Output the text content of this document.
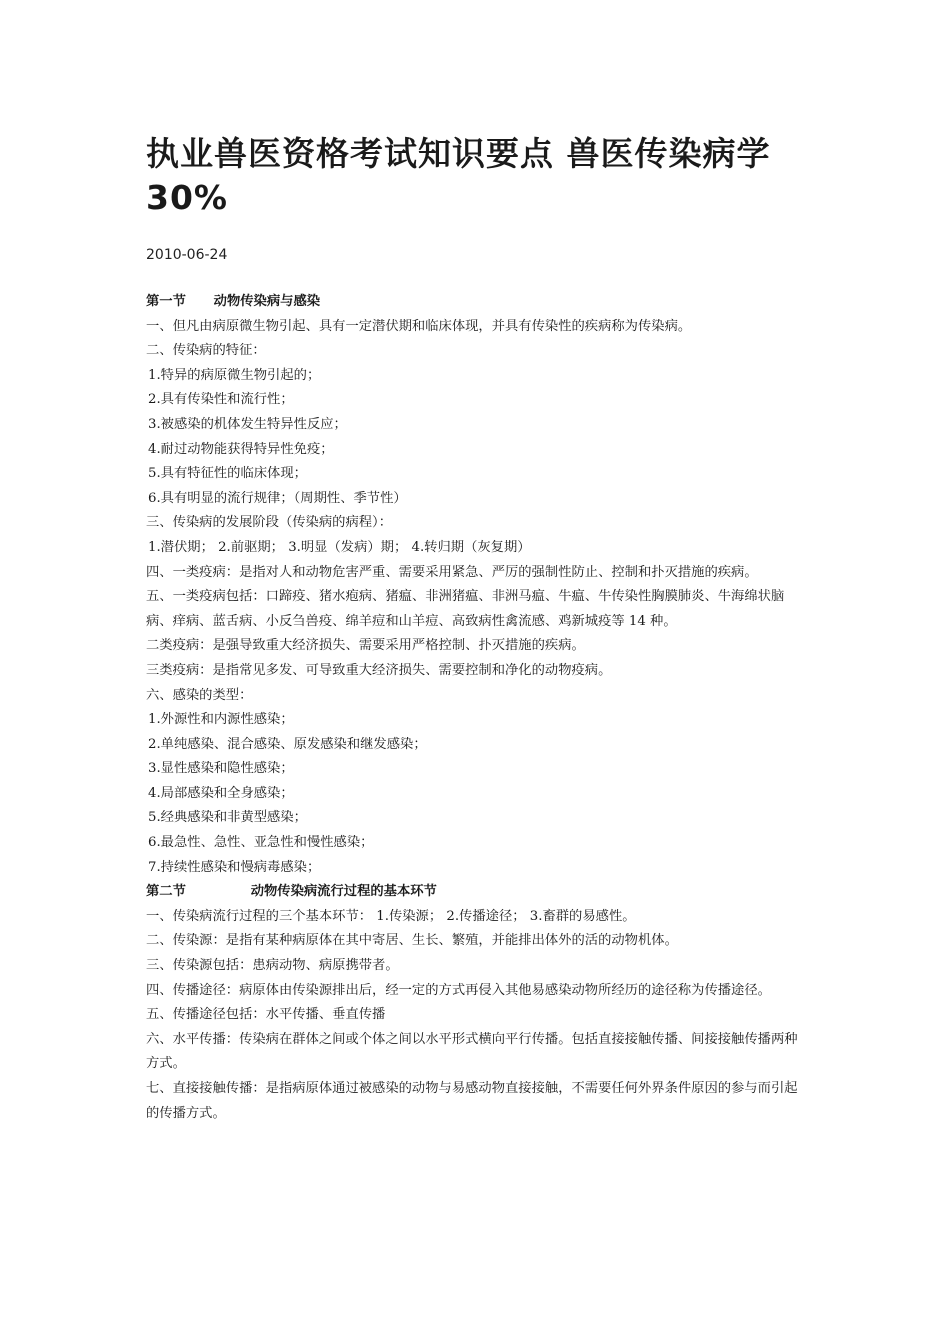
执业兽医资格考试知识要点 兽医传染病学 30%
2010-06-24
第一节      动物传染病与感染

一、但凡由病原微生物引起、具有一定潜伏期和临床体现，并具有传染性的疾病称为传染病。

二、传染病的特征：

1.特异的病原微生物引起的；

2.具有传染性和流行性；

3.被感染的机体发生特异性反应；

4.耐过动物能获得特异性免疫；

5.具有特征性的临床体现；

6.具有明显的流行规律；（周期性、季节性）

三、传染病的发展阶段（传染病的病程）：

1.潜伏期； 2.前驱期； 3.明显（发病）期； 4.转归期（灰复期）

四、一类疫病：是指对人和动物危害严重、需要采用紧急、严厉的强制性防止、控制和扑灭措施的疾病。

五、一类疫病包括：口蹄疫、猪水疱病、猪瘟、非洲猪瘟、非洲马瘟、牛瘟、牛传染性胸膜肺炎、牛海绵状脑病、痒病、蓝舌病、小反刍兽疫、绵羊痘和山羊痘、高致病性禽流感、鸡新城疫等 14 种。

二类疫病：是强导致重大经济损失、需要采用严格控制、扑灭措施的疾病。

三类疫病：是指常见多发、可导致重大经济损失、需要控制和净化的动物疫病。

六、感染的类型：

1.外源性和内源性感染；

2.单纯感染、混合感染、原发感染和继发感染；

3.显性感染和隐性感染；

4.局部感染和全身感染；

5.经典感染和非黄型感染；

6.最急性、急性、亚急性和慢性感染；

7.持续性感染和慢病毒感染；

第二节              动物传染病流行过程的基本环节

一、传染病流行过程的三个基本环节： 1.传染源； 2.传播途径； 3.畜群的易感性。

二、传染源：是指有某种病原体在其中寄居、生长、繁殖，并能排出体外的活的动物机体。

三、传染源包括：患病动物、病原携带者。

四、传播途径：病原体由传染源排出后，经一定的方式再侵入其他易感染动物所经历的途径称为传播途径。

五、传播途径包括：水平传播、垂直传播

六、水平传播：传染病在群体之间或个体之间以水平形式横向平行传播。包括直接接触传播、间接接触传播两种方式。

七、直接接触传播：是指病原体通过被感染的动物与易感动物直接接触，不需要任何外界条件原因的参与而引起的传播方式。
